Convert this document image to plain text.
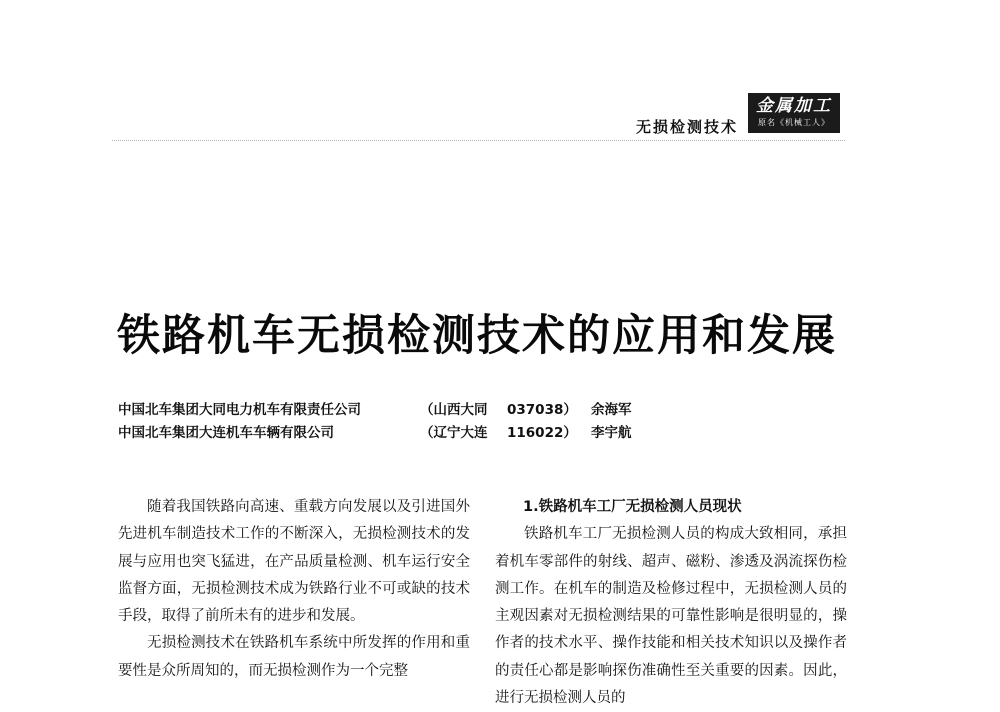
无损检测技术
金属加工
原名《机械工人》
铁路机车无损检测技术的应用和发展
中国北车集团大同电力机车有限责任公司	（山西大同 037038） 余海军
中国北车集团大连机车车辆有限公司	（辽宁大连 116022） 李宇航

随着我国铁路向高速、重载方向发展以及引进国外先进机车制造技术工作的不断深入，无损检测技术的发展与应用也突飞猛进，在产品质量检测、机车运行安全监督方面，无损检测技术成为铁路行业不可或缺的技术手段，取得了前所未有的进步和发展。

无损检测技术在铁路机车系统中所发挥的作用和重要性是众所周知的，而无损检测作为一个完整

1.铁路机车工厂无损检测人员现状

铁路机车工厂无损检测人员的构成大致相同，承担着机车零部件的射线、超声、磁粉、渗透及涡流探伤检测工作。在机车的制造及检修过程中，无损检测人员的主观因素对无损检测结果的可靠性影响是很明显的，操作者的技术水平、操作技能和相关技术知识以及操作者的责任心都是影响探伤准确性至关重要的因素。因此，进行无损检测人员的
